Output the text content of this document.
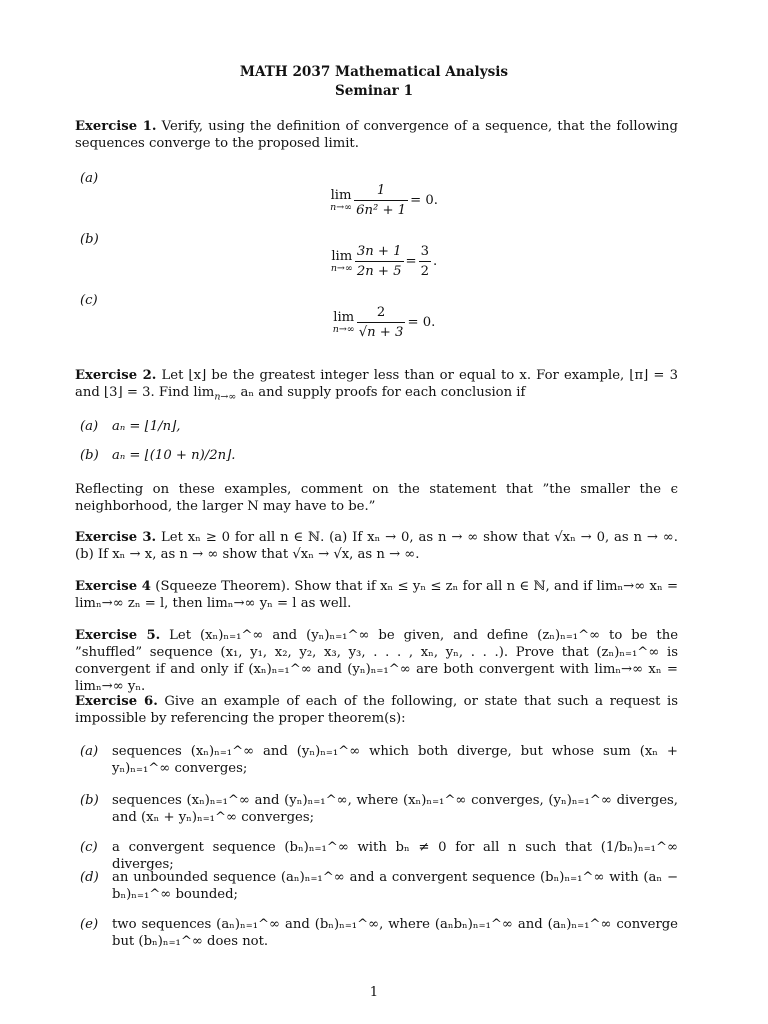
MATH 2037 Mathematical Analysis
Seminar 1
Exercise 1. Verify, using the definition of convergence of a sequence, that the following sequences converge to the proposed limit.
(a)
lim
$n\to\infty \frac{1}{\text{6n² + 1}} = 0$.
(b)
lim
$n\to\infty \frac{3n + 1}{2n + 5} = \frac{3}{2}$ .
(c)
lim
$n\to\infty \frac{2}{√n + 3} = 0$.
Exercise 2. Let ⌊x⌋ be the greatest integer less than or equal to x. For example, ⌊π⌋ = 3 and ⌊3⌋ = 3. Find $\lim_{n\to\infty} a_n$ and supply proofs for each conclusion if
(a) aₙ = ⌊1/n⌋,
(b) aₙ = ⌊(10 + n)/2n⌋.
Reflecting on these examples, comment on the statement that ”the smaller the ϵ neighborhood, the larger N may have to be.”
Exercise 3. Let xₙ ≥ 0 for all n ∈ ℕ. (a) If xₙ → 0, as n → ∞ show that √xₙ → 0, as n → ∞. (b) If xₙ → x, as n → ∞ show that √xₙ → √x, as n → ∞.
Exercise 4 (Squeeze Theorem). Show that if xₙ ≤ yₙ ≤ zₙ for all n ∈ ℕ, and if limₙ→∞ xₙ = limₙ→∞ zₙ = l, then limₙ→∞ yₙ = l as well.
Exercise 5. Let (xₙ)ₙ₌₁^∞ and (yₙ)ₙ₌₁^∞ be given, and define (zₙ)ₙ₌₁^∞ to be the ”shuffled” sequence (x₁, y₁, x₂, y₂, x₃, y₃, . . . , xₙ, yₙ, . . .). Prove that (zₙ)ₙ₌₁^∞ is convergent if and only if (xₙ)ₙ₌₁^∞ and (yₙ)ₙ₌₁^∞ are both convergent with limₙ→∞ xₙ = limₙ→∞ yₙ.
Exercise 6. Give an example of each of the following, or state that such a request is impossible by referencing the proper theorem(s):
(a) sequences (xₙ)ₙ₌₁^∞ and (yₙ)ₙ₌₁^∞ which both diverge, but whose sum (xₙ + yₙ)ₙ₌₁^∞ converges;
(b) sequences (xₙ)ₙ₌₁^∞ and (yₙ)ₙ₌₁^∞, where (xₙ)ₙ₌₁^∞ converges, (yₙ)ₙ₌₁^∞ diverges, and (xₙ + yₙ)ₙ₌₁^∞ converges;
(c) a convergent sequence (bₙ)ₙ₌₁^∞ with bₙ ≠ 0 for all n such that (1/bₙ)ₙ₌₁^∞ diverges;
(d) an unbounded sequence (aₙ)ₙ₌₁^∞ and a convergent sequence (bₙ)ₙ₌₁^∞ with (aₙ − bₙ)ₙ₌₁^∞ bounded;
(e) two sequences (aₙ)ₙ₌₁^∞ and (bₙ)ₙ₌₁^∞, where (aₙbₙ)ₙ₌₁^∞ and (aₙ)ₙ₌₁^∞ converge but (bₙ)ₙ₌₁^∞ does not.
1
